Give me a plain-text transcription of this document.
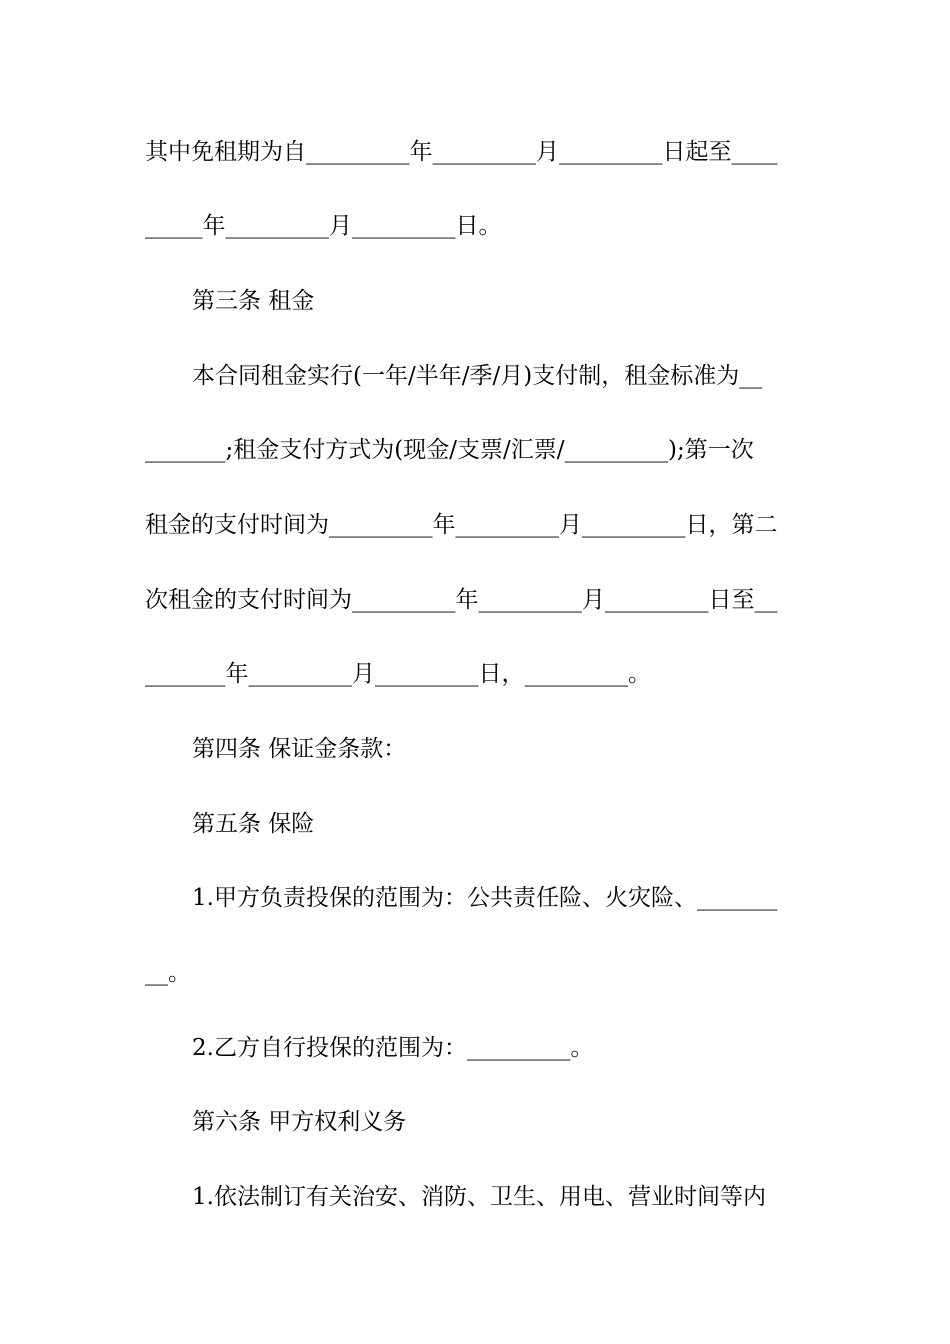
其中免租期为自_________年_________月_________日起至____
_____年_________月_________日。
第三条 租金
本合同租金实行(一年/半年/季/月)支付制，租金标准为__
_______;租金支付方式为(现金/支票/汇票/_________);第一次
租金的支付时间为_________年_________月_________日，第二
次租金的支付时间为_________年_________月_________日至__
_______年_________月_________日，_________。
第四条 保证金条款：
第五条 保险
1.甲方负责投保的范围为：公共责任险、火灾险、_______
__。
2.乙方自行投保的范围为：_________。
第六条 甲方权利义务
1.依法制订有关治安、消防、卫生、用电、营业时间等内
